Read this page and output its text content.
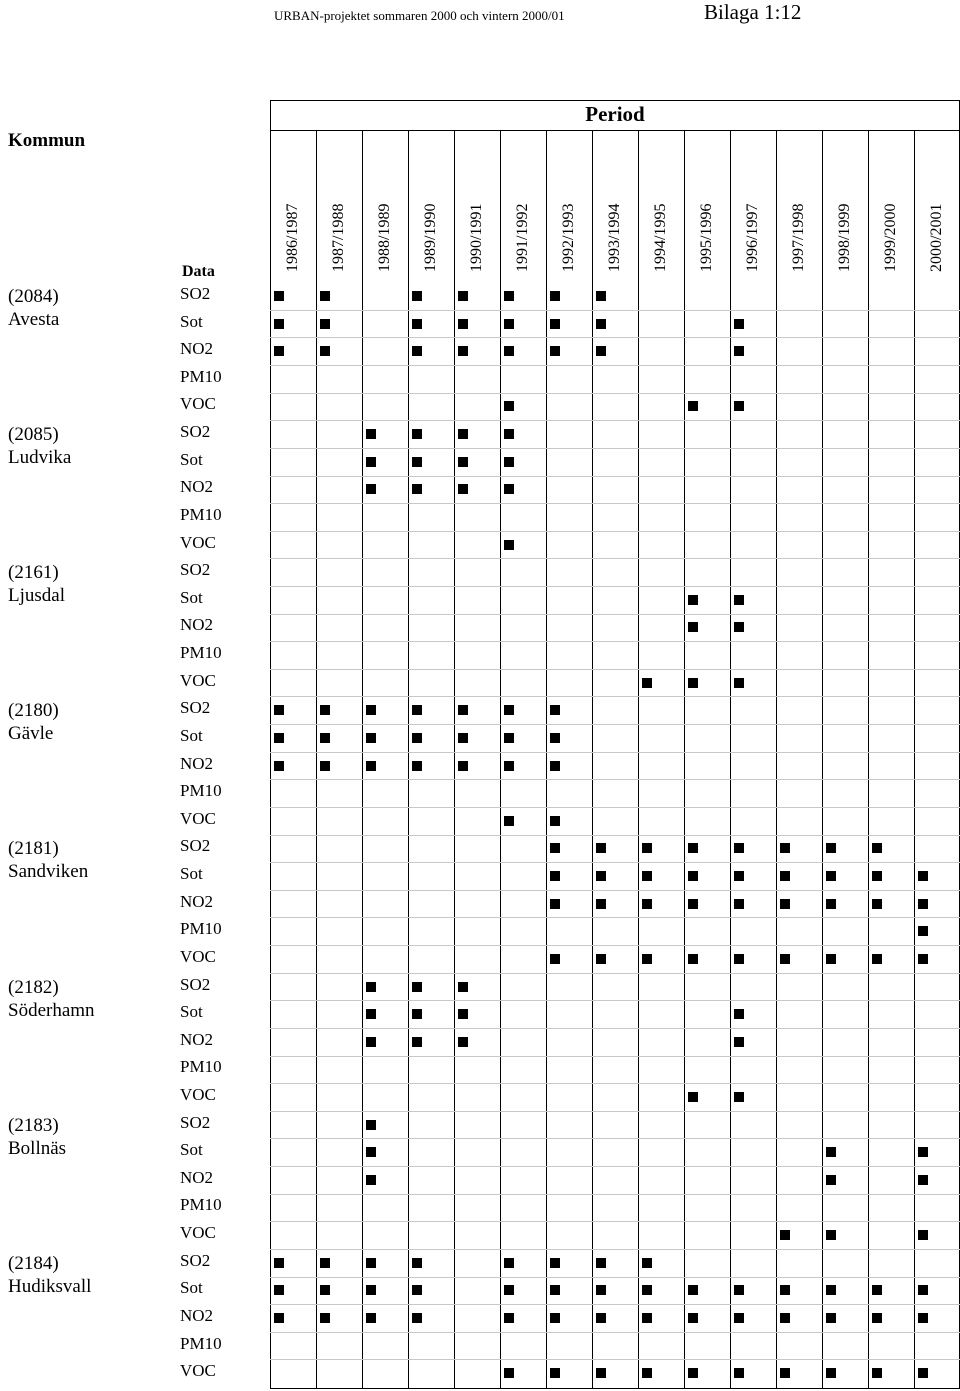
URBAN-projektet sommaren 2000 och vintern 2000/01	Bilaga 1:12
Kommun
Period
Data	1986/1987 1987/1988 1988/1989 1989/1990 1990/1991 1991/1992 1992/1993 1993/1994 1994/1995 1995/1996 1996/1997 1997/1998 1998/1999 1999/2000 2000/2001
(2084)
Avesta
SO2
Sot
NO2
PM10
VOC
(2085)
Ludvika
SO2
Sot
NO2
PM10
VOC
(2161)
Ljusdal
SO2
Sot
NO2
PM10
VOC
(2180)
Gävle
SO2
Sot
NO2
PM10
VOC
(2181)
Sandviken
SO2
Sot
NO2
PM10
VOC
(2182)
Söderhamn
SO2
Sot
NO2
PM10
VOC
(2183)
Bollnäs
SO2
Sot
NO2
PM10
VOC
(2184)
Hudiksvall
SO2
Sot
NO2
PM10
VOC
